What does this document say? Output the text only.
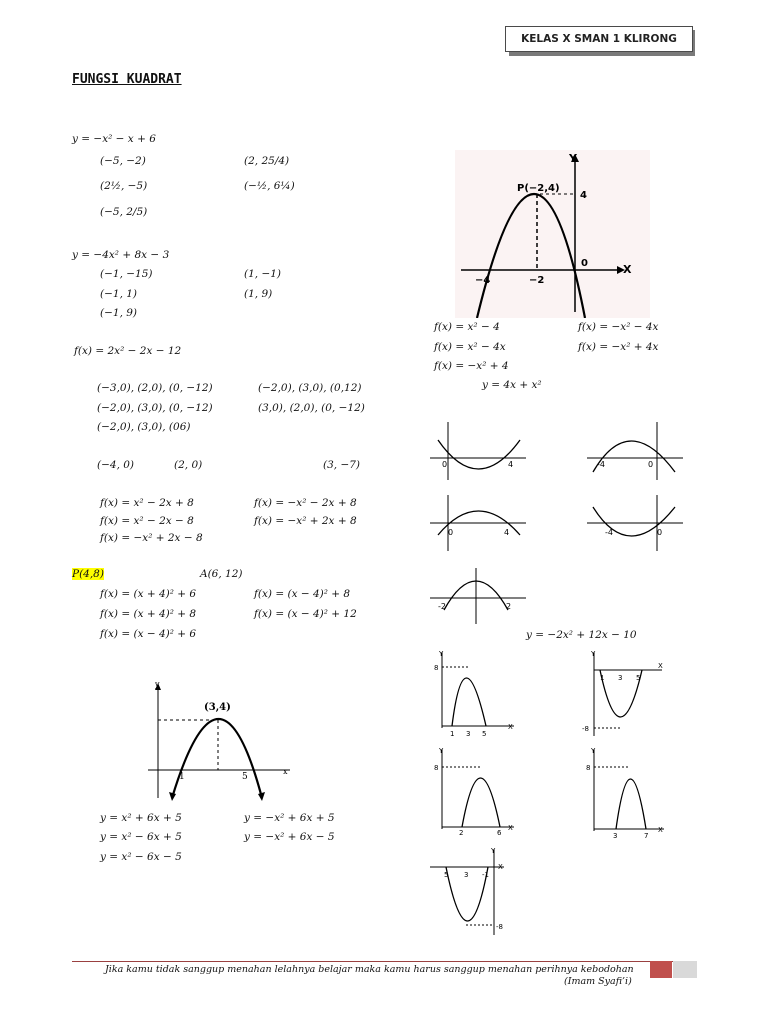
KELAS X SMAN 1 KLIRONG
FUNGSI KUADRAT
y = −x² − x + 6
(−5, −2)	(2, 25/4)
(2½, −5)	(−½, 6¼)
(−5, 2/5)
y = −4x² + 8x − 3
(−1, −15)	(1, −1)
(−1, 1)	(1, 9)
(−1, 9)
f(x) = 2x² − 2x − 12
(−3,0), (2,0), (0, −12)	(−2,0), (3,0), (0,12)
(−2,0), (3,0), (0, −12)	(3,0), (2,0), (0, −12)
(−2,0), (3,0), (06)
(−4, 0)	(2, 0)	(3, −7)
f(x) = x² − 2x + 8	f(x) = −x² − 2x + 8
f(x) = x² − 2x − 8	f(x) = −x² + 2x + 8
f(x) = −x² + 2x − 8
P(4,8)	A(6, 12)
f(x) = (x + 4)² + 6	f(x) = (x − 4)² + 8
f(x) = (x + 4)² + 8	f(x) = (x − 4)² + 12
f(x) = (x − 4)² + 6
(3,4)
1	5
x
y
y = x² + 6x + 5	y = −x² + 6x + 5
y = x² − 6x + 5	y = −x² + 6x − 5
y = x² − 6x − 5
P(−2,4)
4
−4	−2
0	X
Y
f(x) = x² − 4	f(x) = −x² − 4x
f(x) = x² − 4x	f(x) = −x² + 4x
f(x) = −x² + 4
y = 4x + x²
0	4	-4	0
0	4	-4	0
-2	2
y = −2x² + 12x − 10
8
1 3 5
X
Y
-8
1 3 5
X
Y
8
2	6
X
Y
8
3	7
X
Y
-8
5 3 -1
X
Y
Jika kamu tidak sanggup menahan lelahnya belajar maka kamu harus sanggup menahan perihnya kebodohan
(Imam Syafi’i)
